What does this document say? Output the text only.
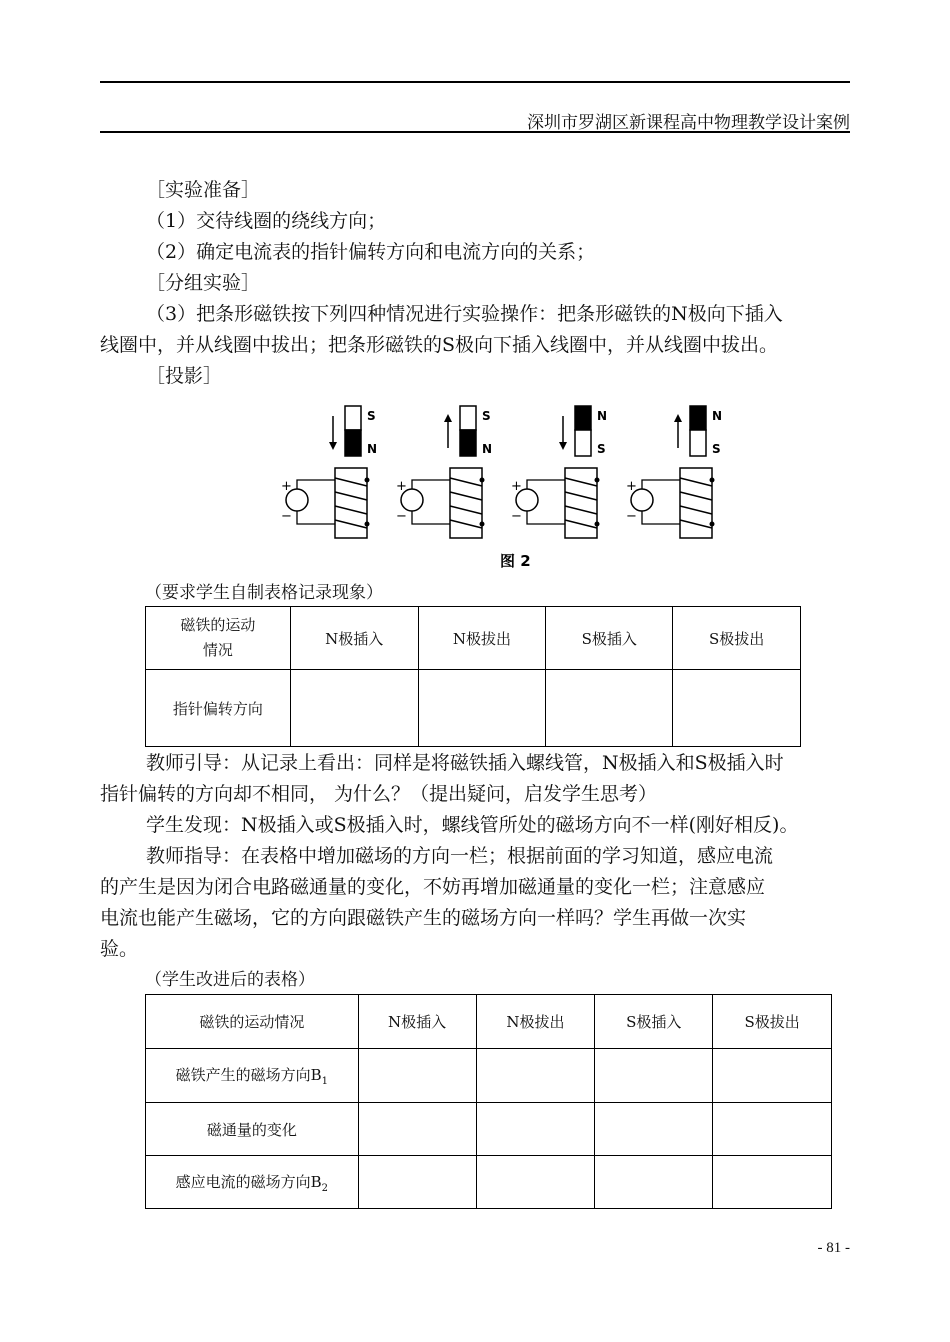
深圳市罗湖区新课程高中物理教学设计案例

［实验准备］

（1）交待线圈的绕线方向；

（2）确定电流表的指针偏转方向和电流方向的关系；

［分组实验］

（3）把条形磁铁按下列四种情况进行实验操作：把条形磁铁的N极向下插入

线圈中，并从线圈中拔出；把条形磁铁的S极向下插入线圈中，并从线圈中拔出。

［投影］

S
N
+
−
S
N
+
−
N
S
+
−
N
S
+
−
图 2
（要求学生自制表格记录现象）
磁铁的运动
情况	N极插入	N极拔出	S极插入	S极拔出
指针偏转方向				

教师引导：从记录上看出：同样是将磁铁插入螺线管，N极插入和S极插入时

指针偏转的方向却不相同， 为什么？（提出疑问，启发学生思考）

学生发现：N极插入或S极插入时，螺线管所处的磁场方向不一样(刚好相反)。

教师指导：在表格中增加磁场的方向一栏；根据前面的学习知道，感应电流

的产生是因为闭合电路磁通量的变化，不妨再增加磁通量的变化一栏；注意感应

电流也能产生磁场，它的方向跟磁铁产生的磁场方向一样吗？学生再做一次实

验。

（学生改进后的表格）
磁铁的运动情况	N极插入	N极拔出	S极插入	S极拔出
磁铁产生的磁场方向$B_1$				
磁通量的变化				
感应电流的磁场方向$B_2$				
- 81 -
